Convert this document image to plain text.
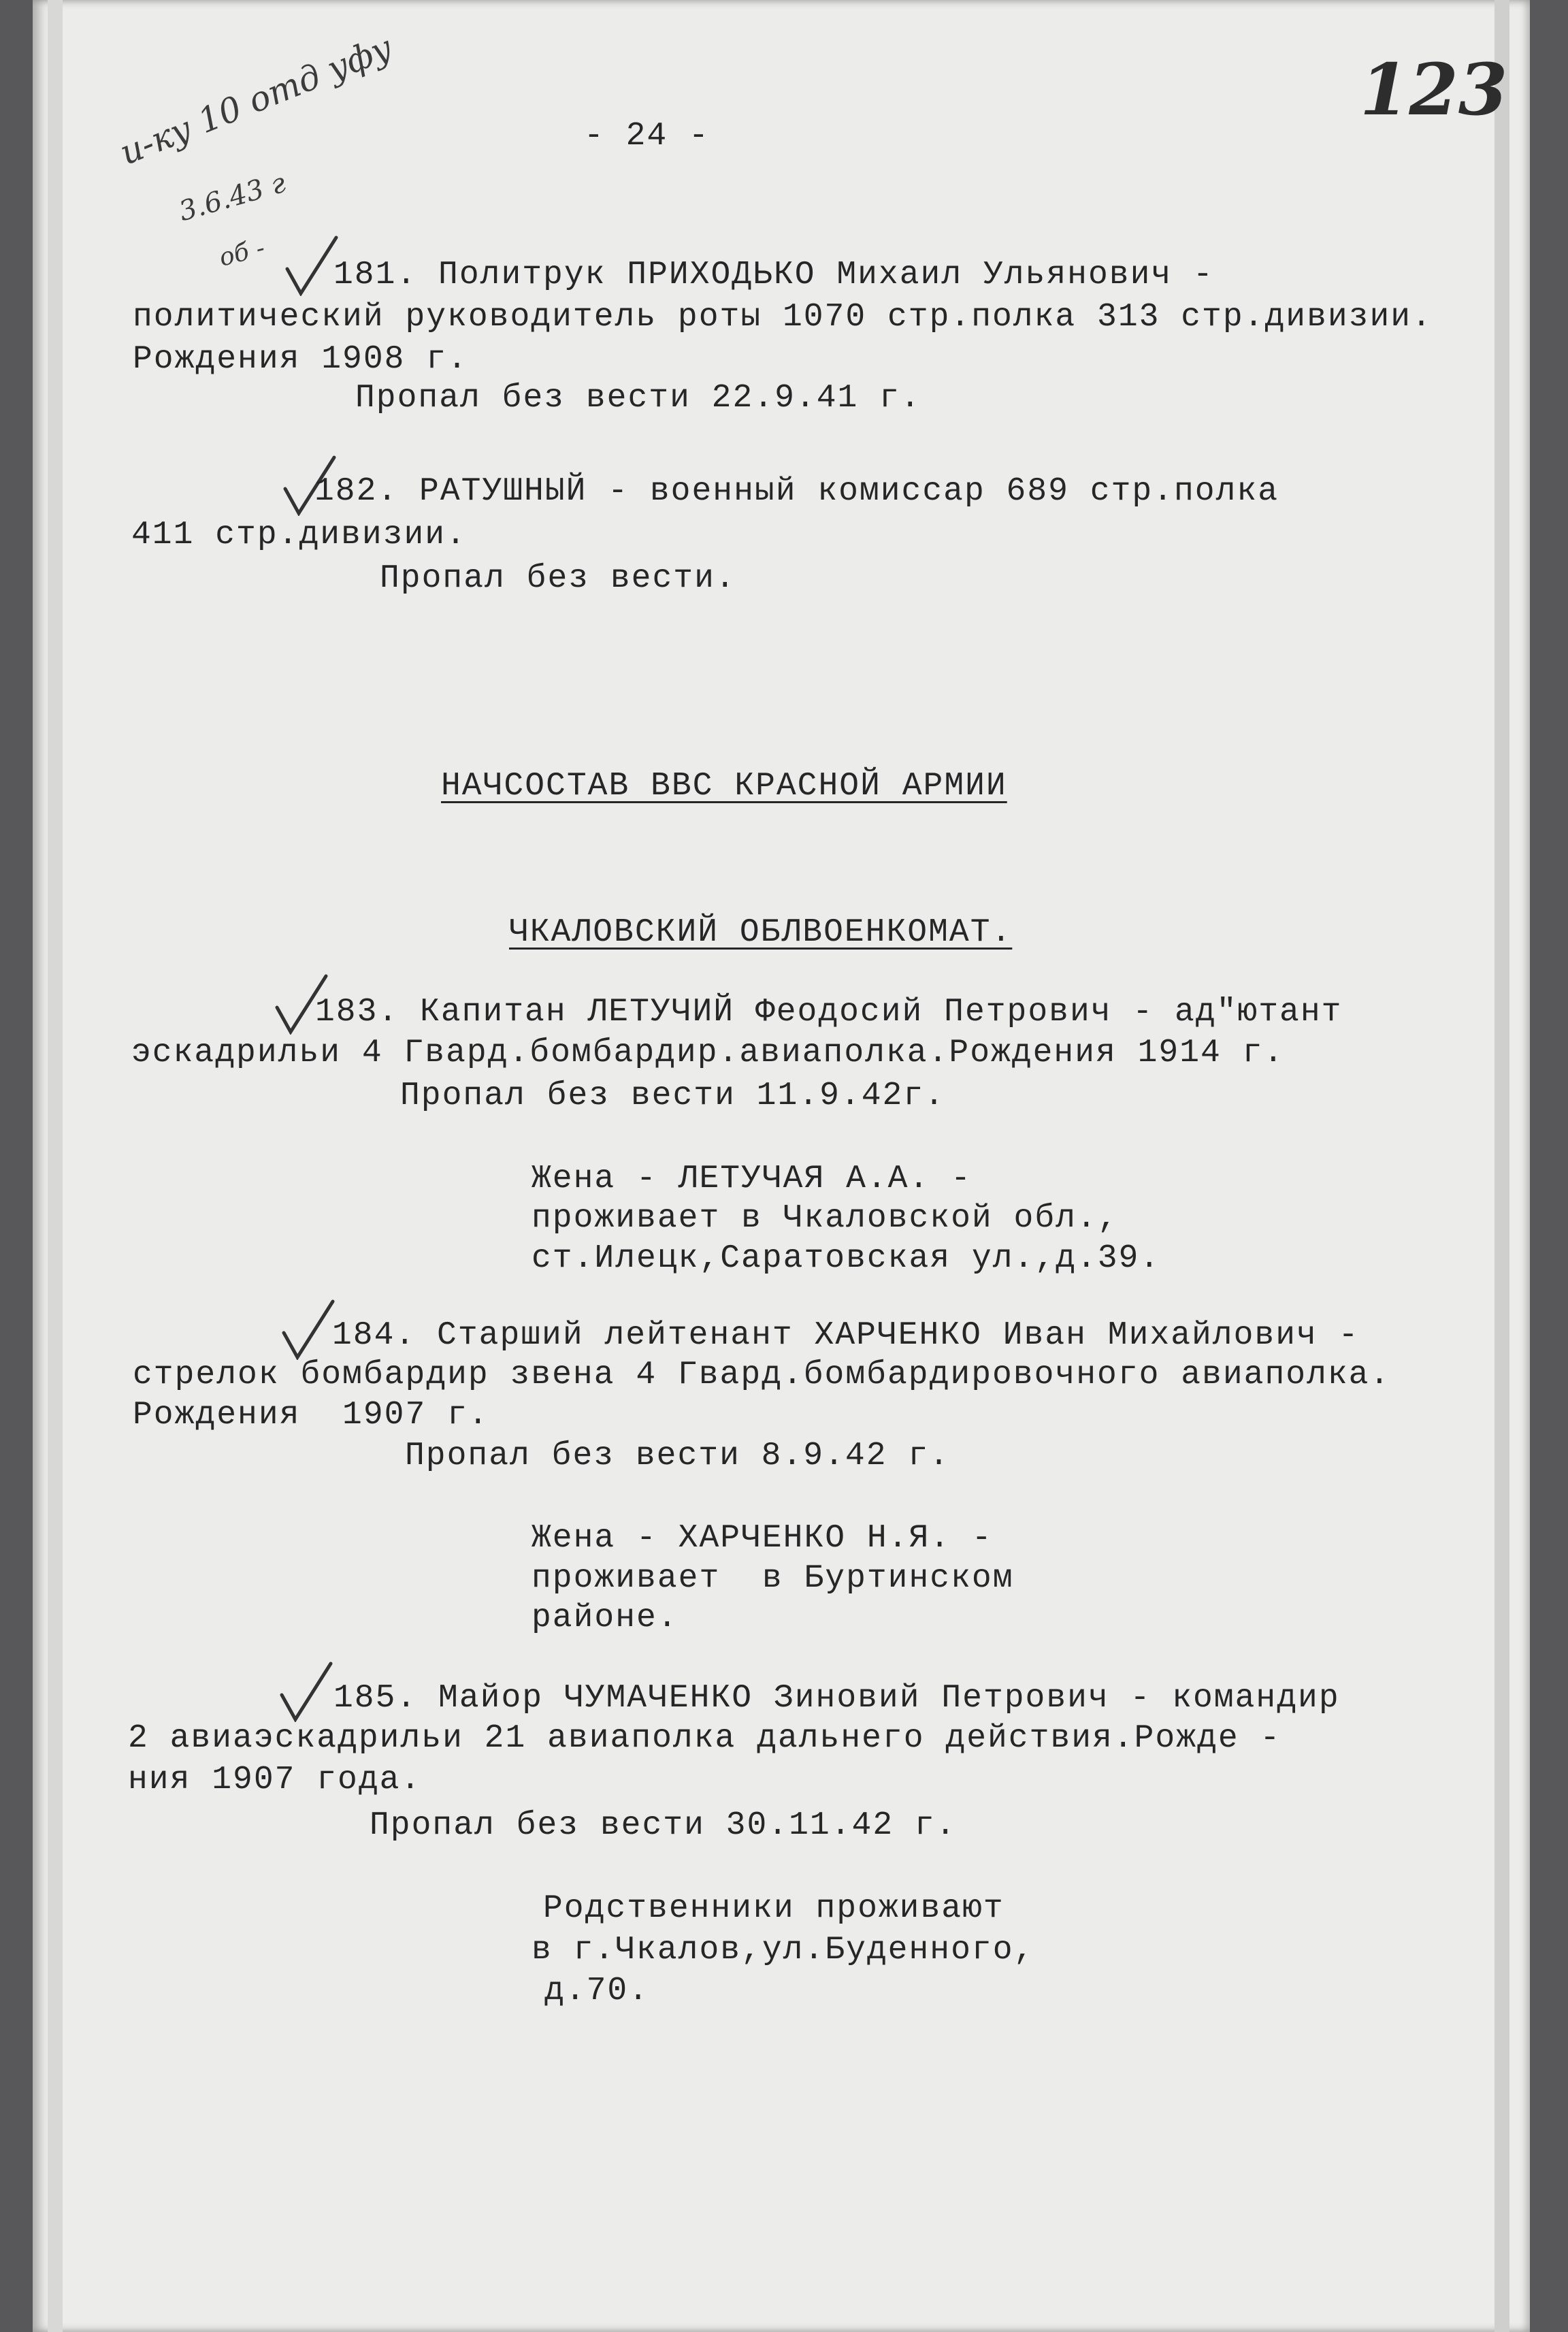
- 24 -
123
и-ку 10 отд уфу
3.6.43 г
об -
181. Политрук ПРИХОДЬКО Михаил Ульянович -
политический руководитель роты 1070 стр.полка 313 стр.дивизии.
Рождения 1908 г.
Пропал без вести 22.9.41 г.
182. РАТУШНЫЙ - военный комиссар 689 стр.полка
411 стр.дивизии.
Пропал без вести.
НАЧСОСТАВ ВВС КРАСНОЙ АРМИИ
ЧКАЛОВСКИЙ ОБЛВОЕНКОМАТ.
183. Капитан ЛЕТУЧИЙ Феодосий Петрович - ад"ютант
эскадрильи 4 Гвард.бомбардир.авиаполка.Рождения 1914 г.
Пропал без вести 11.9.42г.
Жена - ЛЕТУЧАЯ А.А. -
проживает в Чкаловской обл.,
ст.Илецк,Саратовская ул.,д.39.
184. Старший лейтенант ХАРЧЕНКО Иван Михайлович -
стрелок бомбардир звена 4 Гвард.бомбардировочного авиаполка.
Рождения  1907 г.
Пропал без вести 8.9.42 г.
Жена - ХАРЧЕНКО Н.Я. -
проживает  в Буртинском
районе.
185. Майор ЧУМАЧЕНКО Зиновий Петрович - командир
2 авиаэскадрильи 21 авиаполка дальнего действия.Рожде -
ния 1907 года.
Пропал без вести 30.11.42 г.
Родственники проживают
в г.Чкалов,ул.Буденного,
д.70.
